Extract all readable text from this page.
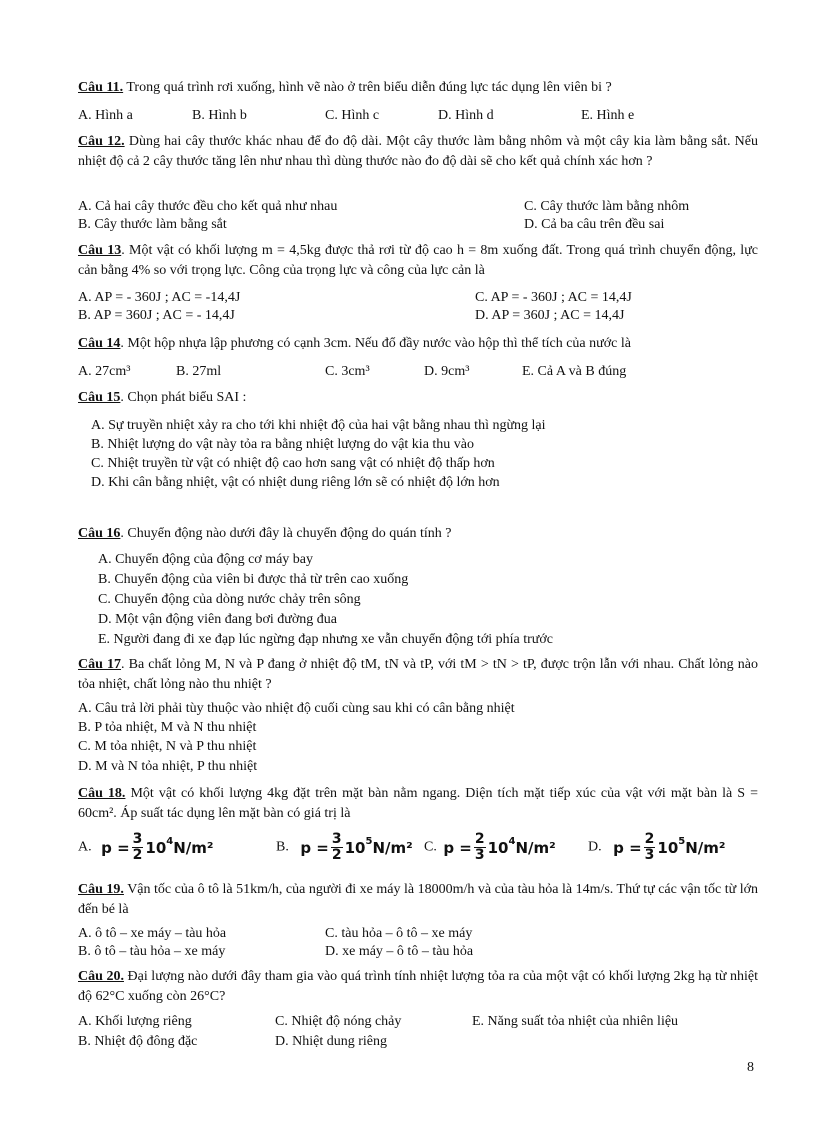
Câu 11. Trong quá trình rơi xuống, hình vẽ nào ở trên biểu diễn đúng lực tác dụng lên viên bi ?
A. Hình a	B. Hình b	C. Hình c	D. Hình d	E. Hình e
Câu 12. Dùng hai cây thước khác nhau để đo độ dài. Một cây thước làm bằng nhôm và một cây kia làm bằng sắt. Nếu nhiệt độ cả 2 cây thước tăng lên như nhau thì dùng thước nào đo độ dài sẽ cho kết quả chính xác hơn ?
A. Cả hai cây thước đều cho kết quả như nhau	C. Cây thước làm bằng nhôm
B. Cây thước làm bằng sắt	D. Cả ba câu trên đều sai
Câu 13. Một vật có khối lượng m = 4,5kg được thả rơi từ độ cao h = 8m xuống đất. Trong quá trình chuyển động, lực cản bằng 4% so với trọng lực. Công của trọng lực và công của lực cản là
A. AP = - 360J ; AC = -14,4J	C. AP = - 360J ; AC = 14,4J
B. AP = 360J ; AC = - 14,4J	D. AP = 360J ; AC = 14,4J
Câu 14. Một hộp nhựa lập phương có cạnh 3cm. Nếu đổ đầy nước vào hộp thì thể tích của nước là
A. 27cm³	B. 27ml	C. 3cm³	D. 9cm³	E. Cả A và B đúng
Câu 15. Chọn phát biểu SAI :
A. Sự truyền nhiệt xảy ra cho tới khi nhiệt độ của hai vật bằng nhau thì ngừng lại
B. Nhiệt lượng do vật này tỏa ra bằng nhiệt lượng do vật kia thu vào
C. Nhiệt truyền từ vật có nhiệt độ cao hơn sang vật có nhiệt độ thấp hơn
D. Khi cân bằng nhiệt, vật có nhiệt dung riêng lớn sẽ có nhiệt độ lớn hơn
Câu 16. Chuyển động nào dưới đây là chuyển động do quán tính ?
A. Chuyển động của động cơ máy bay
B. Chuyển động của viên bi được thả từ trên cao xuống
C. Chuyển động của dòng nước chảy trên sông
D. Một vận động viên đang bơi đường đua
E. Người đang đi xe đạp lúc ngừng đạp nhưng xe vẫn chuyển động tới phía trước
Câu 17. Ba chất lỏng M, N và P đang ở nhiệt độ tM, tN và tP, với tM > tN > tP, được trộn lẫn với nhau. Chất lỏng nào tỏa nhiệt, chất lỏng nào thu nhiệt ?
A. Câu trả lời phải tùy thuộc vào nhiệt độ cuối cùng sau khi có cân bằng nhiệt
B. P tỏa nhiệt, M và N thu nhiệt
C. M tỏa nhiệt, N và P thu nhiệt
D. M và N tỏa nhiệt, P thu nhiệt
Câu 18. Một vật có khối lượng 4kg đặt trên mặt bàn nằm ngang. Diện tích mặt tiếp xúc của vật với mặt bàn là S = 60cm². Áp suất tác dụng lên mặt bàn có giá trị là
A. $p = \frac{3}{2} 10$ 4 N/m²	B. $p = \frac{3}{2} 10$ 5 N/m² C. $p = \frac{2}{3} 10$ 4 N/m² D. $p = \frac{2}{3} 10$ 5 N/m²
Câu 19. Vận tốc của ô tô là 51km/h, của người đi xe máy là 18000m/h và của tàu hỏa là 14m/s. Thứ tự các vận tốc từ lớn đến bé là
A. ô tô – xe máy – tàu hỏa	C. tàu hỏa – ô tô – xe máy
B. ô tô – tàu hỏa – xe máy	D. xe máy – ô tô – tàu hỏa
Câu 20. Đại lượng nào dưới đây tham gia vào quá trình tính nhiệt lượng tỏa ra của một vật có khối lượng 2kg hạ từ nhiệt độ 62°C xuống còn 26°C?
A. Khối lượng riêng	C. Nhiệt độ nóng chảy	E. Năng suất tỏa nhiệt của nhiên liệu
B. Nhiệt độ đông đặc	D. Nhiệt dung riêng
8
